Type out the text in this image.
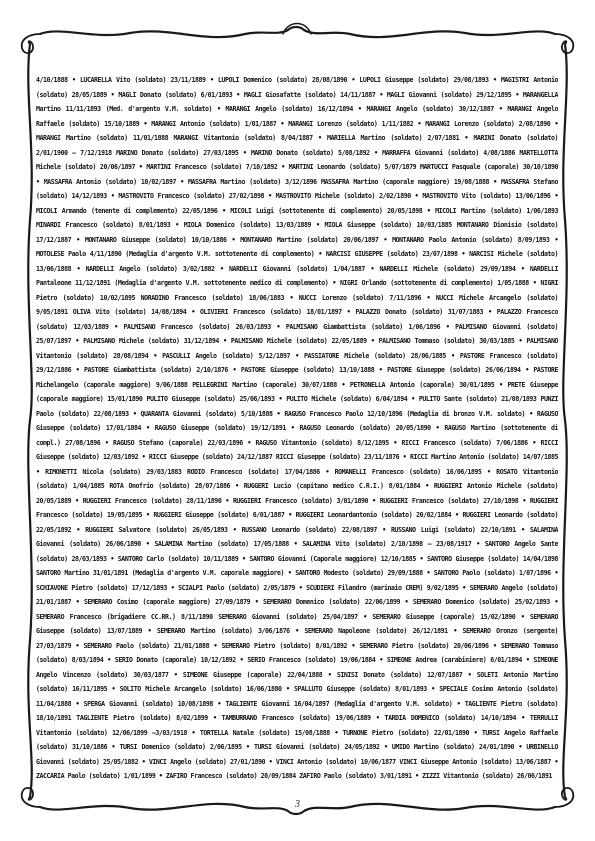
4/10/1888 • LUCARELLA Vito (soldato) 23/11/1889 • LUPOLI Domenico (soldato) 28/08/1890 • LUPOLI Giuseppe (soldato) 29/08/1893 • MAGISTRI Antonio (soldato) 28/05/1889 • MAGLI Donato (soldato) 6/01/1893 • MAGLI Giosafatte (soldato) 14/11/1887 • MAGLI Giovanni (soldato) 29/12/1895 • MARANGELLA Martino 11/11/1893 (Med. d'argento V.M. soldato) • MARANGI Angelo (soldato) 16/12/1894 • MARANGI Angelo (soldato) 30/12/1887 • MARANGI Angelo Raffaele (soldato) 15/10/1889 • MARANGI Antonio (soldato) 1/01/1887 • MARANGI Lorenzo (soldato) 1/11/1882 • MARANGI Lorenzo (soldato) 2/08/1890 • MARANGI Martino (soldato) 11/01/1888 MARANGI Vitantonio (soldato) 8/04/1887 • MARIELLA Martino (soldato) 2/07/1881 • MARINI Donato (soldato) 2/01/1900 – 7/12/1918 MARINO Donato (soldato) 27/03/1895 • MARINO Donato (soldato) 5/08/1892 • MARRAFFA Giovanni (soldato) 4/08/1886 MARTELLOTTA Michele (soldato) 20/06/1897 • MARTINI Francesco (soldato) 7/10/1892 • MARTINI Leonardo (soldato) 5/07/1879 MARTUCCI Pasquale (caporale) 30/10/1890 • MASSAFRA Antonio (soldato) 10/02/1897 • MASSAFRA Martino (soldato) 3/12/1896 MASSAFRA Martino (caporale maggiore) 19/08/1888 • MASSAFRA Stefano (soldato) 14/12/1893 • MASTROVITO Francesco (soldato) 27/02/1898 • MASTROVITO Michele (soldato) 2/02/1890 • MASTROVITO Vito (soldato) 13/06/1896 • MICOLI Armando (tenente di complemento) 22/05/1896 • MICOLI Luigi (sottotenente di complemento) 20/05/1898 • MICOLI Martino (soldato) 1/06/1893 MINARDI Francesco (soldato) 8/01/1893 • MIOLA Domenico (soldato) 13/03/1889 • MIOLA Giuseppe (soldato) 10/03/1885 MONTANARO Dionisio (soldato) 17/12/1887 • MONTANARO Giuseppe (soldato) 10/10/1886 • MONTANARO Martino (soldato) 20/06/1897 • MONTANARO Paolo Antonio (soldato) 8/09/1893 • MOTOLESE Paolo 4/11/1890 (Medaglia d'argento V.M. sottotenente di complemento) • NARCISI GIUSEPPE (soldato) 23/07/1898 • NARCISI Michele (soldato) 13/06/1888 • NARDELLI Angelo (soldato) 3/02/1882 • NARDELLI Giovanni (soldato) 1/04/1887 • NARDELLI Michele (soldato) 29/09/1894 • NARDELLI Pantaleone 11/12/1891 (Medaglia d'argento V.M. sottotenente medico di complemento) • NIGRI Orlando (sottotenente di complemento) 1/05/1888 • NIGRI Pietro (soldato) 10/02/1895 NORADINO Francesco (soldato) 18/06/1883 • NUCCI Lorenzo (soldato) 7/11/1896 • NUCCI Michele Arcangelo (soldato) 9/05/1891 OLIVA Vito (soldato) 14/08/1894 • OLIVIERI Francesco (soldato) 18/01/1897 • PALAZZO Donato (soldato) 31/07/1883 • PALAZZO Francesco (soldato) 12/03/1889 • PALMISANO Francesco (soldato) 26/03/1893 • PALMISANO Giambattista (soldato) 1/06/1896 • PALMISANO Giovanni (soldato) 25/07/1897 • PALMISANO Michele (soldato) 31/12/1894 • PALMISANO Michele (soldato) 22/05/1889 • PALMISANO Tommaso (soldato) 30/03/1885 • PALMISANO Vitantonio (soldato) 28/08/1894 • PASCULLI Angelo (soldato) 5/12/1897 • PASSIATORE Michele (soldato) 28/06/1885 • PASTORE Francesco (soldato) 29/12/1886 • PASTORE Giambattista (soldato) 2/10/1876 • PASTORE Giuseppe (soldato) 13/10/1888 • PASTORE Giuseppe (soldato) 26/06/1894 • PASTORE Michelangelo (caporale maggiore) 9/06/1888 PELLEGRINI Martino (caporale) 30/07/1888 • PETRONELLA Antonio (caporale) 30/01/1895 • PRETE Giuseppe (caporale maggiore) 15/01/1890 PULITO Giuseppe (soldato) 25/06/1893 • PULITO Michele (soldato) 6/04/1894 • PULITO Sante (soldato) 21/08/1893 PUNZI Paolo (soldato) 22/08/1893 • QUARANTA Giovanni (soldato) 5/10/1888 • RAGUSO Francesco Paolo 12/10/1896 (Medaglia di bronzo V.M. soldato) • RAGUSO Giuseppe (soldato) 17/01/1884 • RAGUSO Giuseppe (soldato) 19/12/1891 • RAGUSO Leonardo (soldato) 20/05/1890 • RAGUSO Martino (sottotenente di compl.) 27/08/1896 • RAGUSO Stefano (caporale) 22/03/1896 • RAGUSO Vitantonio (soldato) 8/12/1895 • RICCI Francesco (soldato) 7/06/1886 • RICCI Giuseppe (soldato) 12/03/1892 • RICCI Giuseppe (soldato) 24/12/1887 RICCI Giuseppe (soldato) 23/11/1876 • RICCI Martino Antonio (soldato) 14/07/1885 • RIMONETTI Nicola (soldato) 29/03/1883 RODIO Francesco (soldato) 17/04/1886 • ROMANELLI Francesco (soldato) 16/06/1895 • ROSATO Vitantonio (soldato) 1/04/1885 ROTA Onofrio (soldato) 28/07/1886 • RUGGERI Lucio (capitano medico C.R.I.) 8/01/1884 • RUGGIERI Antonio Michele (soldato) 20/05/1889 • RUGGIERI Francesco (soldato) 28/11/1890 • RUGGIERI Francesco (soldato) 3/01/1890 • RUGGIERI Francesco (soldato) 27/10/1898 • RUGGIERI Francesco (soldato) 19/05/1895 • RUGGIERI Giuseppe (soldato) 6/01/1887 • RUGGIERI Leonardantonio (soldato) 20/02/1884 • RUGGIERI Leonardo (soldato) 22/05/1892 • RUGGIERI Salvatore (soldato) 26/05/1893 • RUSSANO Leonardo (soldato) 22/08/1897 • RUSSANO Luigi (soldato) 22/10/1891 • SALAMINA Giovanni (soldato) 26/06/1890 • SALAMINA Martino (soldato) 17/05/1888 • SALAMINA Vito (soldato) 2/10/1898 – 23/08/1917 • SANTORO Angelo Sante (soldato) 28/03/1893 • SANTORO Carlo (soldato) 10/11/1889 • SANTORO Giovanni (Caporale maggiore) 12/10/1885 • SANTORO Giuseppe (soldato) 14/04/1898 SANTORO Martino 31/01/1891 (Medaglia d'argento V.M. caporale maggiore) • SANTORO Modesto (soldato) 29/09/1888 • SANTORO Paolo (soldato) 1/07/1896 • SCHIAVONE Pietro (soldato) 17/12/1893 • SCIALPI Paolo (soldato) 2/05/1879 • SCUDIERI Filandro (marinaio CREM) 9/02/1895 • SEMERARO Angelo (soldato) 21/01/1887 • SEMERARO Cosimo (caporale maggiore) 27/09/1879 • SEMERARO Domenico (soldato) 22/06/1899 • SEMERARO Domenico (soldato) 25/02/1893 • SEMERARO Francesco (brigadiere CC.RR.) 8/11/1890 SEMERARO Giovanni (soldato) 25/04/1897 • SEMERARO Giuseppe (caporale) 15/02/1890 • SEMERARO Giuseppe (soldato) 13/07/1889 • SEMERARO Martino (soldato) 3/06/1876 • SEMERARO Napoleone (soldato) 26/12/1891 • SEMERARO Oronzo (sergente) 27/03/1879 • SEMERARO Paolo (soldato) 21/01/1888 • SEMERARO Pietro (soldato) 8/01/1892 • SEMERARO Pietro (soldato) 20/06/1896 • SEMERARO Tommaso (soldato) 8/03/1894 • SERIO Donato (caporale) 10/12/1892 • SERIO Francesco (soldato) 19/06/1884 • SIMEONE Andrea (carabiniere) 6/01/1894 • SIMEONE Angelo Vincenzo (soldato) 30/03/1877 • SIMEONE Giuseppe (caporale) 22/04/1888 • SINISI Donato (soldato) 12/07/1887 • SOLETI Antonio Martino (soldato) 16/11/1895 • SOLITO Michele Arcangelo (soldato) 16/06/1880 • SPALLUTO Giuseppe (soldato) 8/01/1893 • SPECIALE Cosimo Antonio (soldato) 11/04/1888 • SPERGA Giovanni (soldato) 10/08/1898 • TAGLIENTE Giovanni 16/04/1897 (Medaglia d'argento V.M. soldato) • TAGLIENTE Pietro (soldato) 18/10/1891 TAGLIENTE Pietro (soldato) 8/02/1899 • TAMBURRANO Francesco (soldato) 19/06/1889 • TARDIA DOMENICO (soldato) 14/10/1894 • TERRULLI Vitantonio (soldato) 12/06/1899 –3/03/1918 • TORTELLA Natale (soldato) 15/08/1888 • TURNONE Pietro (soldato) 22/01/1890 • TURSI Angelo Raffaele (soldato) 31/10/1886 • TURSI Domenico (soldato) 2/06/1895 • TURSI Giovanni (soldato) 24/05/1892 • UMIDO Martino (soldato) 24/01/1890 • URBINELLO Giovanni (soldato) 25/05/1882 • VINCI Angelo (soldato) 27/01/1890 • VINCI Antonio (soldato) 10/06/1877 VINCI Giuseppe Antonio (soldato) 13/06/1887 • ZACCARIA Paolo (soldato) 1/01/1899 • ZAFIRO Francesco (soldato) 20/09/1884 ZAFIRO Paolo (soldato) 3/01/1891 • ZIZZI Vitantonio (soldato) 26/06/1891

3
